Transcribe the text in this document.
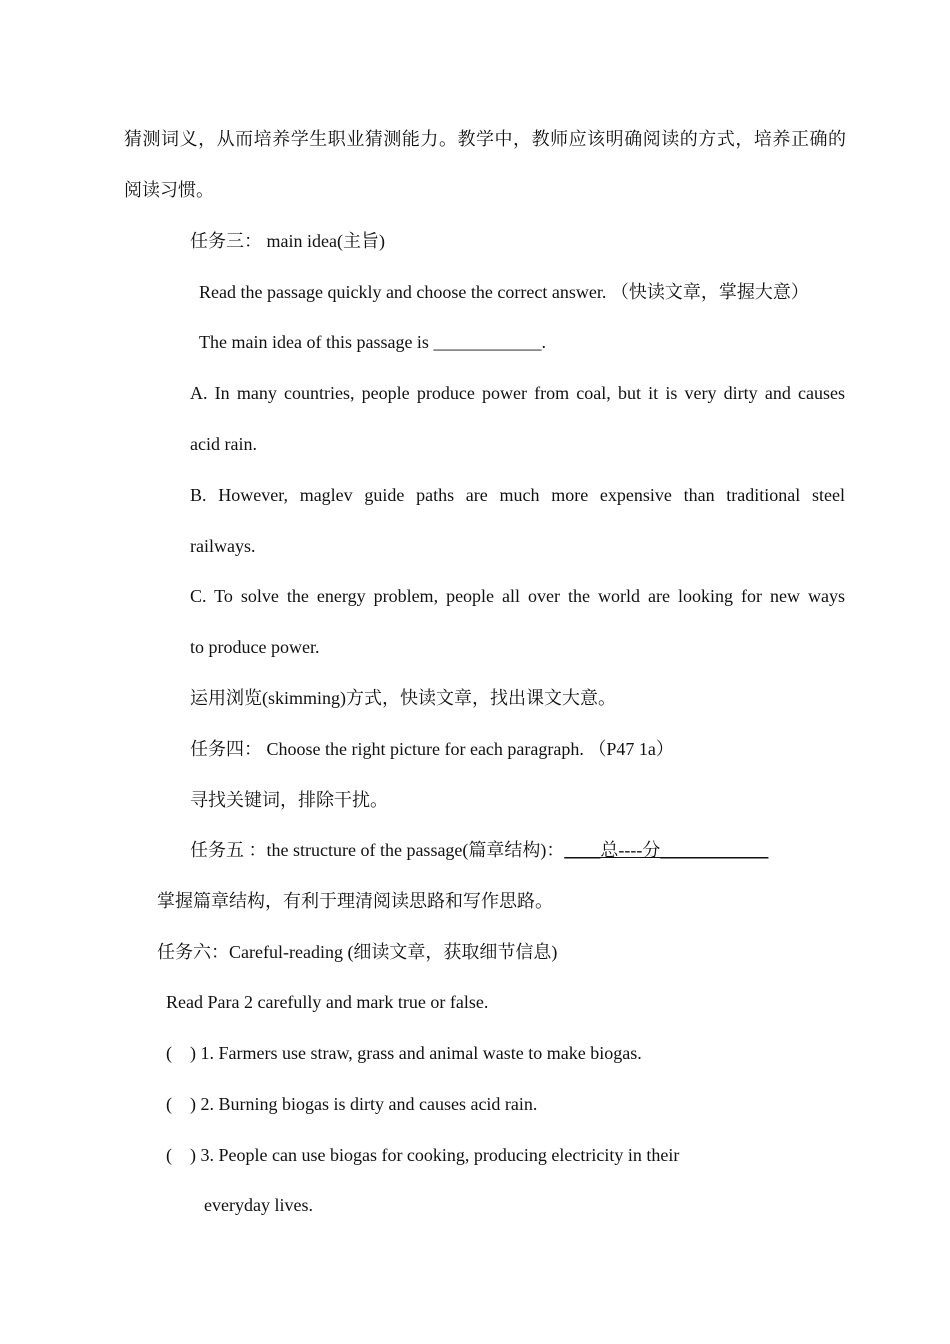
猜测词义，从而培养学生职业猜测能力。教学中，教师应该明确阅读的方式，培养正确的
阅读习惯。
任务三： main idea(主旨)
Read the passage quickly and choose the correct answer. （快读文章，掌握大意）
The main idea of this passage is ____________.
A. In many countries, people produce power from coal, but it is very dirty and causes
acid rain.
B. However, maglev guide paths are much more expensive than traditional steel
railways.
C. To solve the energy problem, people all over the world are looking for new ways
to produce power.
运用浏览(skimming)方式，快读文章，找出课文大意。
任务四： Choose the right picture for each paragraph. （P47 1a）
寻找关键词，排除干扰。
任务五 ：the structure of the passage(篇章结构)：____总----分____________
掌握篇章结构，有利于理清阅读思路和写作思路。
任务六：Careful-reading (细读文章，获取细节信息)
Read Para 2 carefully and mark true or false.
(    ) 1. Farmers use straw, grass and animal waste to make biogas.
(    ) 2. Burning biogas is dirty and causes acid rain.
(    ) 3. People can use biogas for cooking, producing electricity in their
everyday lives.
